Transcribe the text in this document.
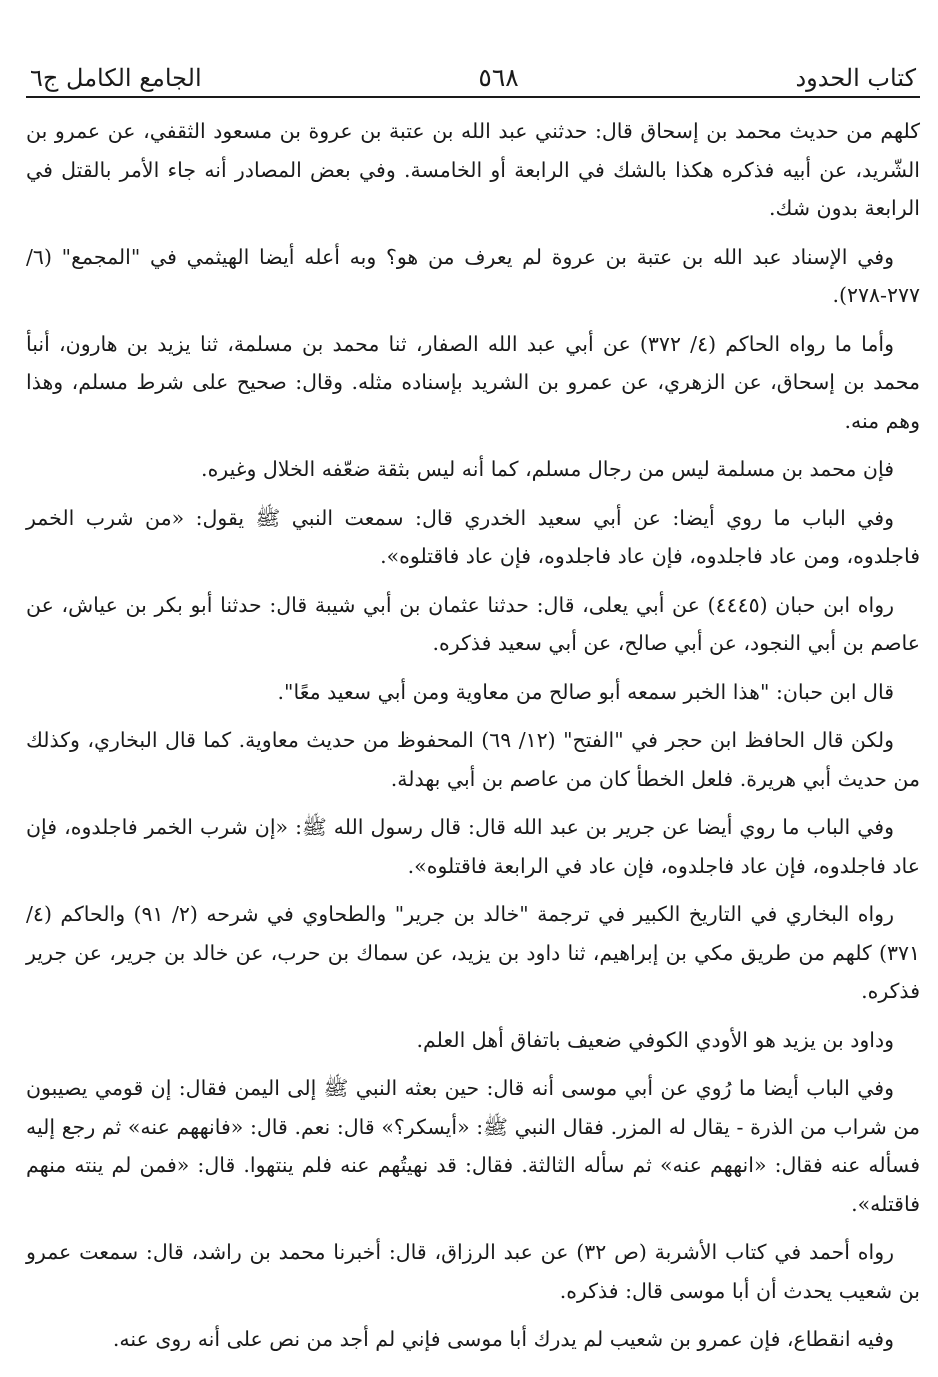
كتاب الحدود
٥٦٨
الجامع الكامل ج٦

كلهم من حديث محمد بن إسحاق قال: حدثني عبد الله بن عتبة بن عروة بن مسعود الثقفي، عن عمرو بن الشّريد، عن أبيه فذكره هكذا بالشك في الرابعة أو الخامسة. وفي بعض المصادر أنه جاء الأمر بالقتل في الرابعة بدون شك.

وفي الإسناد عبد الله بن عتبة بن عروة لم يعرف من هو؟ وبه أعله أيضا الهيثمي في "المجمع" (٦/ ٢٧٧-٢٧٨).

وأما ما رواه الحاكم (٤/ ٣٧٢) عن أبي عبد الله الصفار، ثنا محمد بن مسلمة، ثنا يزيد بن هارون، أنبأ محمد بن إسحاق، عن الزهري، عن عمرو بن الشريد بإسناده مثله. وقال: صحيح على شرط مسلم، وهذا وهم منه.

فإن محمد بن مسلمة ليس من رجال مسلم، كما أنه ليس بثقة ضعّفه الخلال وغيره.

وفي الباب ما روي أيضا: عن أبي سعيد الخدري قال: سمعت النبي ﷺ يقول: «من شرب الخمر فاجلدوه، ومن عاد فاجلدوه، فإن عاد فاجلدوه، فإن عاد فاقتلوه».

رواه ابن حبان (٤٤٤٥) عن أبي يعلى، قال: حدثنا عثمان بن أبي شيبة قال: حدثنا أبو بكر بن عياش، عن عاصم بن أبي النجود، عن أبي صالح، عن أبي سعيد فذكره.

قال ابن حبان: "هذا الخبر سمعه أبو صالح من معاوية ومن أبي سعيد معًا".

ولكن قال الحافظ ابن حجر في "الفتح" (١٢/ ٦٩) المحفوظ من حديث معاوية. كما قال البخاري، وكذلك من حديث أبي هريرة. فلعل الخطأ كان من عاصم بن أبي بهدلة.

وفي الباب ما روي أيضا عن جرير بن عبد الله قال: قال رسول الله ﷺ: «إن شرب الخمر فاجلدوه، فإن عاد فاجلدوه، فإن عاد فاجلدوه، فإن عاد في الرابعة فاقتلوه».

رواه البخاري في التاريخ الكبير في ترجمة "خالد بن جرير" والطحاوي في شرحه (٢/ ٩١) والحاكم (٤/ ٣٧١) كلهم من طريق مكي بن إبراهيم، ثنا داود بن يزيد، عن سماك بن حرب، عن خالد بن جرير، عن جرير فذكره.

وداود بن يزيد هو الأودي الكوفي ضعيف باتفاق أهل العلم.

وفي الباب أيضا ما رُوي عن أبي موسى أنه قال: حين بعثه النبي ﷺ إلى اليمن فقال: إن قومي يصيبون من شراب من الذرة - يقال له المزر. فقال النبي ﷺ: «أيسكر؟» قال: نعم. قال: «فانههم عنه» ثم رجع إليه فسأله عنه فقال: «انههم عنه» ثم سأله الثالثة. فقال: قد نهيتُهم عنه فلم ينتهوا. قال: «فمن لم ينته منهم فاقتله».

رواه أحمد في كتاب الأشربة (ص ٣٢) عن عبد الرزاق، قال: أخبرنا محمد بن راشد، قال: سمعت عمرو بن شعيب يحدث أن أبا موسى قال: فذكره.

وفيه انقطاع، فإن عمرو بن شعيب لم يدرك أبا موسى فإني لم أجد من نص على أنه روى عنه.
